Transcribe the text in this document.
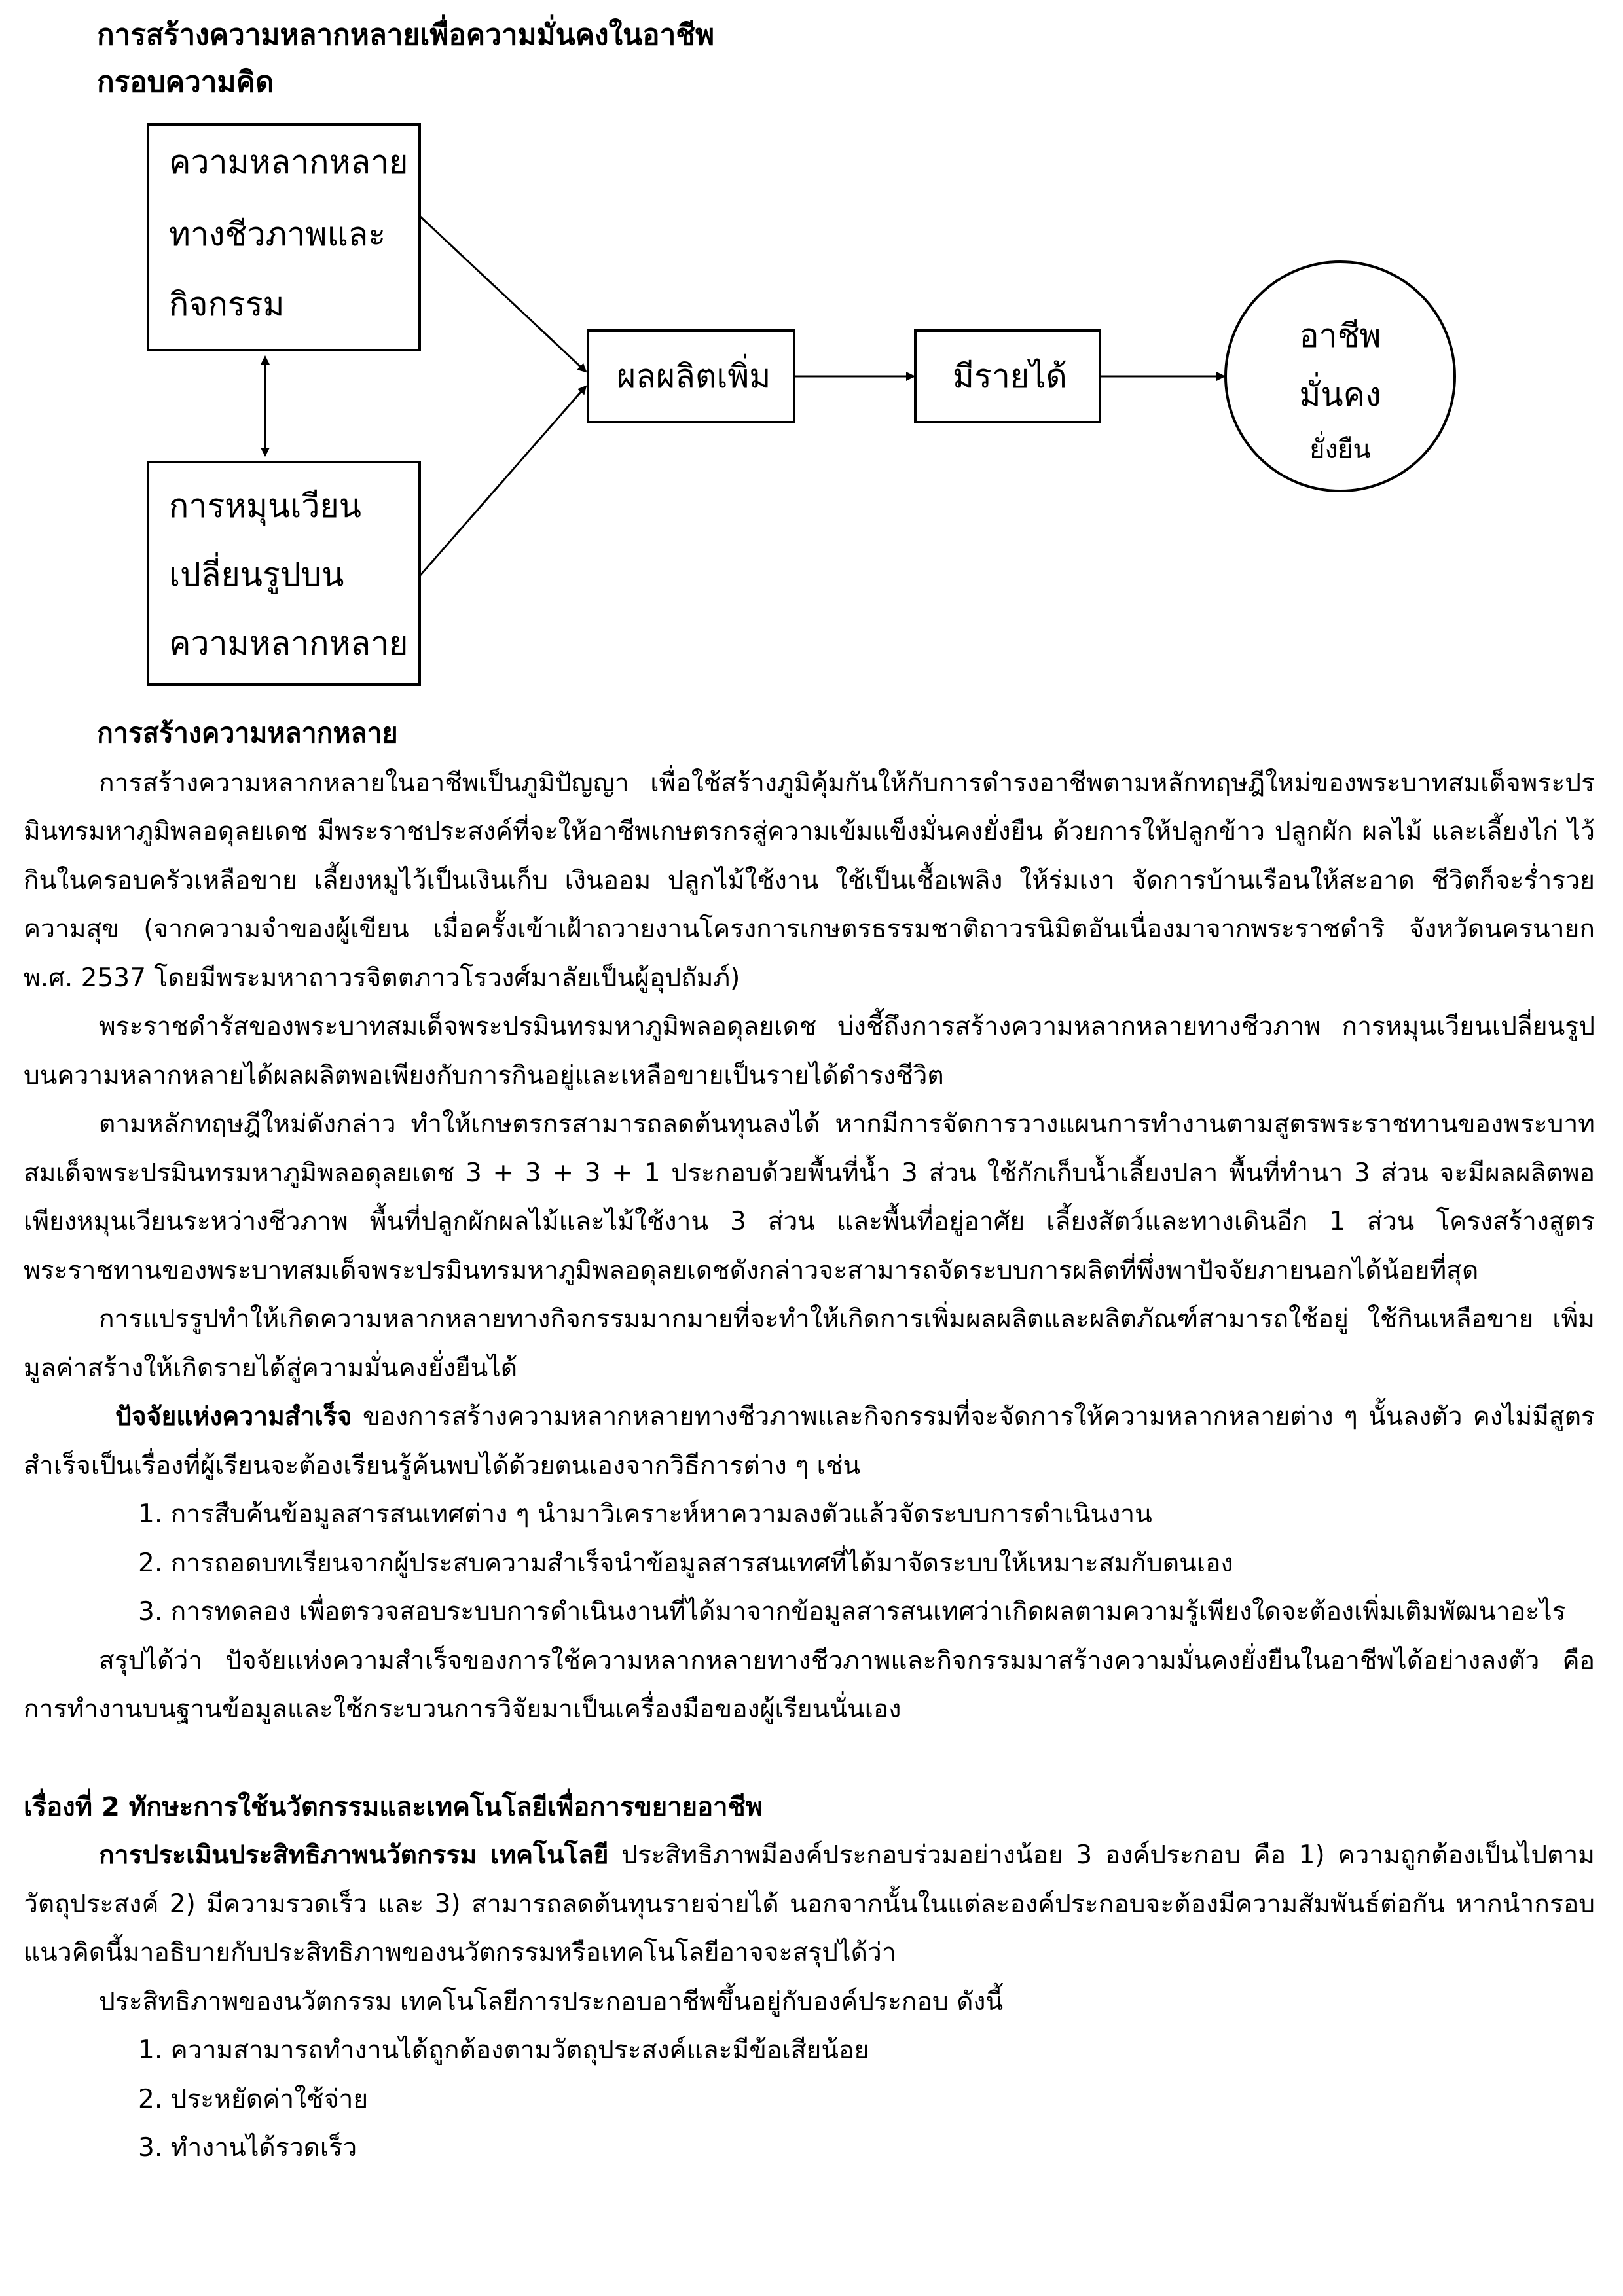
การสร้างความหลากหลายเพื่อความมั่นคงในอาชีพ
กรอบความคิด
ความหลากหลาย
ทางชีวภาพและ
กิจกรรม
การหมุนเวียน
เปลี่ยนรูปบน
ความหลากหลาย
ผลผลิตเพิ่ม	มีรายได้
อาชีพ
มั่นคง
ยั่งยืน

การสร้างความหลากหลาย

การสร้างความหลากหลายในอาชีพเป็นภูมิปัญญา เพื่อใช้สร้างภูมิคุ้มกันให้กับการดำรงอาชีพตามหลักทฤษฎีใหม่ของพระบาทสมเด็จพระปรมินทรมหาภูมิพลอดุลยเดช มีพระราชประสงค์ที่จะให้อาชีพเกษตรกรสู่ความเข้มแข็งมั่นคงยั่งยืน ด้วยการให้ปลูกข้าว ปลูกผัก ผลไม้ และเลี้ยงไก่ ไว้กินในครอบครัวเหลือขาย เลี้ยงหมูไว้เป็นเงินเก็บ เงินออม ปลูกไม้ใช้งาน ใช้เป็นเชื้อเพลิง ให้ร่มเงา จัดการบ้านเรือนให้สะอาด ชีวิตก็จะร่ำรวยความสุข (จากความจำของผู้เขียน เมื่อครั้งเข้าเฝ้าถวายงานโครงการเกษตรธรรมชาติถาวรนิมิตอันเนื่องมาจากพระราชดำริ จังหวัดนครนายก พ.ศ. 2537 โดยมีพระมหาถาวรจิตตภาวโรวงศ์มาลัยเป็นผู้อุปถัมภ์)

พระราชดำรัสของพระบาทสมเด็จพระปรมินทรมหาภูมิพลอดุลยเดช บ่งชี้ถึงการสร้างความหลากหลายทางชีวภาพ การหมุนเวียนเปลี่ยนรูปบนความหลากหลายได้ผลผลิตพอเพียงกับการกินอยู่และเหลือขายเป็นรายได้ดำรงชีวิต

ตามหลักทฤษฎีใหม่ดังกล่าว ทำให้เกษตรกรสามารถลดต้นทุนลงได้ หากมีการจัดการวางแผนการทำงานตามสูตรพระราชทานของพระบาทสมเด็จพระปรมินทรมหาภูมิพลอดุลยเดช 3 + 3 + 3 + 1 ประกอบด้วยพื้นที่น้ำ 3 ส่วน ใช้กักเก็บน้ำเลี้ยงปลา พื้นที่ทำนา 3 ส่วน จะมีผลผลิตพอเพียงหมุนเวียนระหว่างชีวภาพ พื้นที่ปลูกผักผลไม้และไม้ใช้งาน 3 ส่วน และพื้นที่อยู่อาศัย เลี้ยงสัตว์และทางเดินอีก 1 ส่วน โครงสร้างสูตรพระราชทานของพระบาทสมเด็จพระปรมินทรมหาภูมิพลอดุลยเดชดังกล่าวจะสามารถจัดระบบการผลิตที่พึ่งพาปัจจัยภายนอกได้น้อยที่สุด

การแปรรูปทำให้เกิดความหลากหลายทางกิจกรรมมากมายที่จะทำให้เกิดการเพิ่มผลผลิตและผลิตภัณฑ์สามารถใช้อยู่ ใช้กินเหลือขาย เพิ่มมูลค่าสร้างให้เกิดรายได้สู่ความมั่นคงยั่งยืนได้

ปัจจัยแห่งความสำเร็จ ของการสร้างความหลากหลายทางชีวภาพและกิจกรรมที่จะจัดการให้ความหลากหลายต่าง ๆ นั้นลงตัว คงไม่มีสูตรสำเร็จเป็นเรื่องที่ผู้เรียนจะต้องเรียนรู้ค้นพบได้ด้วยตนเองจากวิธีการต่าง ๆ เช่น

1. การสืบค้นข้อมูลสารสนเทศต่าง ๆ นำมาวิเคราะห์หาความลงตัวแล้วจัดระบบการดำเนินงาน

2. การถอดบทเรียนจากผู้ประสบความสำเร็จนำข้อมูลสารสนเทศที่ได้มาจัดระบบให้เหมาะสมกับตนเอง

3. การทดลอง เพื่อตรวจสอบระบบการดำเนินงานที่ได้มาจากข้อมูลสารสนเทศว่าเกิดผลตามความรู้เพียงใดจะต้องเพิ่มเติมพัฒนาอะไร

สรุปได้ว่า ปัจจัยแห่งความสำเร็จของการใช้ความหลากหลายทางชีวภาพและกิจกรรมมาสร้างความมั่นคงยั่งยืนในอาชีพได้อย่างลงตัว คือ การทำงานบนฐานข้อมูลและใช้กระบวนการวิจัยมาเป็นเครื่องมือของผู้เรียนนั่นเอง

เรื่องที่ 2 ทักษะการใช้นวัตกรรมและเทคโนโลยีเพื่อการขยายอาชีพ

การประเมินประสิทธิภาพนวัตกรรม เทคโนโลยี ประสิทธิภาพมีองค์ประกอบร่วมอย่างน้อย 3 องค์ประกอบ คือ 1) ความถูกต้องเป็นไปตามวัตถุประสงค์ 2) มีความรวดเร็ว และ 3) สามารถลดต้นทุนรายจ่ายได้ นอกจากนั้นในแต่ละองค์ประกอบจะต้องมีความสัมพันธ์ต่อกัน หากนำกรอบแนวคิดนี้มาอธิบายกับประสิทธิภาพของนวัตกรรมหรือเทคโนโลยีอาจจะสรุปได้ว่า

ประสิทธิภาพของนวัตกรรม เทคโนโลยีการประกอบอาชีพขึ้นอยู่กับองค์ประกอบ ดังนี้

1. ความสามารถทำงานได้ถูกต้องตามวัตถุประสงค์และมีข้อเสียน้อย

2. ประหยัดค่าใช้จ่าย

3. ทำงานได้รวดเร็ว
